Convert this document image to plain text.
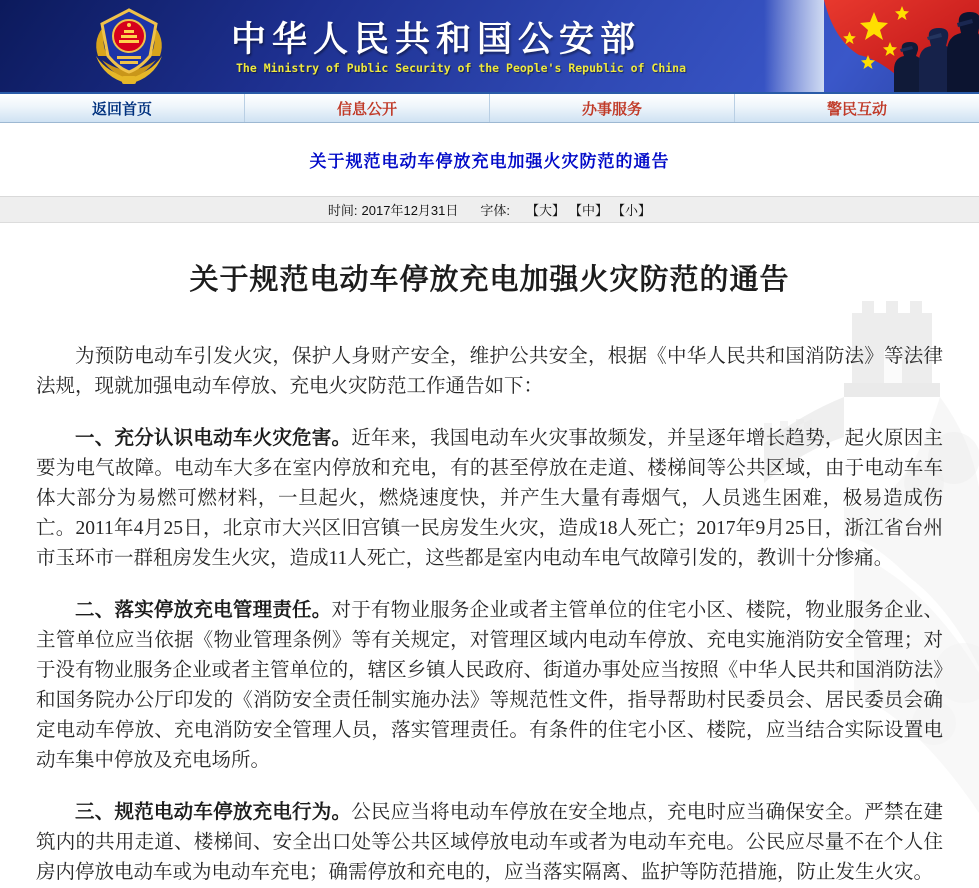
中华人民共和国公安部
The Ministry of Public Security of the People's Republic of China
返回首页	信息公开	办事服务	警民互动
关于规范电动车停放充电加强火灾防范的通告
时间: 2017年12月31日 字体: 【大】 【中】 【小】
关于规范电动车停放充电加强火灾防范的通告

为预防电动车引发火灾，保护人身财产安全，维护公共安全，根据《中华人民共和国消防法》等法律法规，现就加强电动车停放、充电火灾防范工作通告如下：

一、充分认识电动车火灾危害。近年来，我国电动车火灾事故频发，并呈逐年增长趋势，起火原因主要为电气故障。电动车大多在室内停放和充电，有的甚至停放在走道、楼梯间等公共区域，由于电动车车体大部分为易燃可燃材料，一旦起火，燃烧速度快，并产生大量有毒烟气，人员逃生困难，极易造成伤亡。2011年4月25日，北京市大兴区旧宫镇一民房发生火灾，造成18人死亡；2017年9月25日，浙江省台州市玉环市一群租房发生火灾，造成11人死亡，这些都是室内电动车电气故障引发的，教训十分惨痛。

二、落实停放充电管理责任。对于有物业服务企业或者主管单位的住宅小区、楼院，物业服务企业、主管单位应当依据《物业管理条例》等有关规定，对管理区域内电动车停放、充电实施消防安全管理；对于没有物业服务企业或者主管单位的，辖区乡镇人民政府、街道办事处应当按照《中华人民共和国消防法》和国务院办公厅印发的《消防安全责任制实施办法》等规范性文件，指导帮助村民委员会、居民委员会确定电动车停放、充电消防安全管理人员，落实管理责任。有条件的住宅小区、楼院，应当结合实际设置电动车集中停放及充电场所。

三、规范电动车停放充电行为。公民应当将电动车停放在安全地点，充电时应当确保安全。严禁在建筑内的共用走道、楼梯间、安全出口处等公共区域停放电动车或者为电动车充电。公民应尽量不在个人住房内停放电动车或为电动车充电；确需停放和充电的，应当落实隔离、监护等防范措施，防止发生火灾。
